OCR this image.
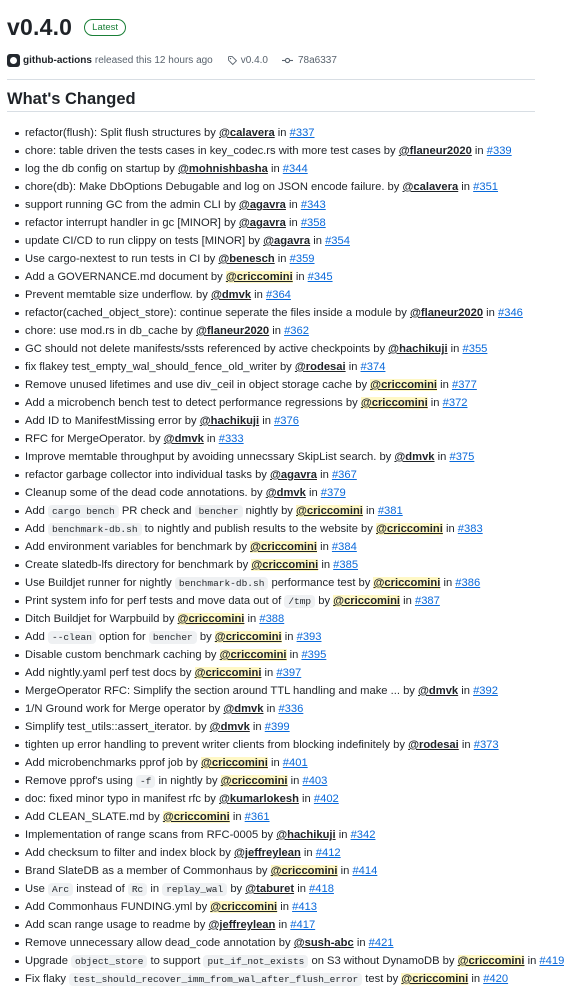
v0.4.0	Latest
github-actions released this 12 hours ago	v0.4.0	78a6337
What's Changed
refactor(flush): Split flush structures by @calavera in #337
chore: table driven the tests cases in key_codec.rs with more test cases by @flaneur2020 in #339
log the db config on startup by @mohnishbasha in #344
chore(db): Make DbOptions Debugable and log on JSON encode failure. by @calavera in #351
support running GC from the admin CLI by @agavra in #343
refactor interrupt handler in gc [MINOR] by @agavra in #358
update CI/CD to run clippy on tests [MINOR] by @agavra in #354
Use cargo-nextest to run tests in CI by @benesch in #359
Add a GOVERNANCE.md document by @criccomini in #345
Prevent memtable size underflow. by @dmvk in #364
refactor(cached_object_store): continue seperate the files inside a module by @flaneur2020 in #346
chore: use mod.rs in db_cache by @flaneur2020 in #362
GC should not delete manifests/ssts referenced by active checkpoints by @hachikuji in #355
fix flakey test_empty_wal_should_fence_old_writer by @rodesai in #374
Remove unused lifetimes and use div_ceil in object storage cache by @criccomini in #377
Add a microbench bench test to detect performance regressions by @criccomini in #372
Add ID to ManifestMissing error by @hachikuji in #376
RFC for MergeOperator. by @dmvk in #333
Improve memtable throughput by avoiding unnecssary SkipList search. by @dmvk in #375
refactor garbage collector into individual tasks by @agavra in #367
Cleanup some of the dead code annotations. by @dmvk in #379
Add cargo bench PR check and bencher nightly by @criccomini in #381
Add benchmark-db.sh to nightly and publish results to the website by @criccomini in #383
Add environment variables for benchmark by @criccomini in #384
Create slatedb-lfs directory for benchmark by @criccomini in #385
Use Buildjet runner for nightly benchmark-db.sh performance test by @criccomini in #386
Print system info for perf tests and move data out of /tmp by @criccomini in #387
Ditch Buildjet for Warpbuild by @criccomini in #388
Add --clean option for bencher by @criccomini in #393
Disable custom benchmark caching by @criccomini in #395
Add nightly.yaml perf test docs by @criccomini in #397
MergeOperator RFC: Simplify the section around TTL handling and make ... by @dmvk in #392
1/N Ground work for Merge operator by @dmvk in #336
Simplify test_utils::assert_iterator. by @dmvk in #399
tighten up error handling to prevent writer clients from blocking indefinitely by @rodesai in #373
Add microbenchmarks pprof job by @criccomini in #401
Remove pprof's using -f in nightly by @criccomini in #403
doc: fixed minor typo in manifest rfc by @kumarlokesh in #402
Add CLEAN_SLATE.md by @criccomini in #361
Implementation of range scans from RFC-0005 by @hachikuji in #342
Add checksum to filter and index block by @jeffreylean in #412
Brand SlateDB as a member of Commonhaus by @criccomini in #414
Use Arc instead of Rc in replay_wal by @taburet in #418
Add Commonhaus FUNDING.yml by @criccomini in #413
Add scan range usage to readme by @jeffreylean in #417
Remove unnecessary allow dead_code annotation by @sush-abc in #421
Upgrade object_store to support put_if_not_exists on S3 without DynamoDB by @criccomini in #419
Fix flaky test_should_recover_imm_from_wal_after_flush_error test by @criccomini in #420
